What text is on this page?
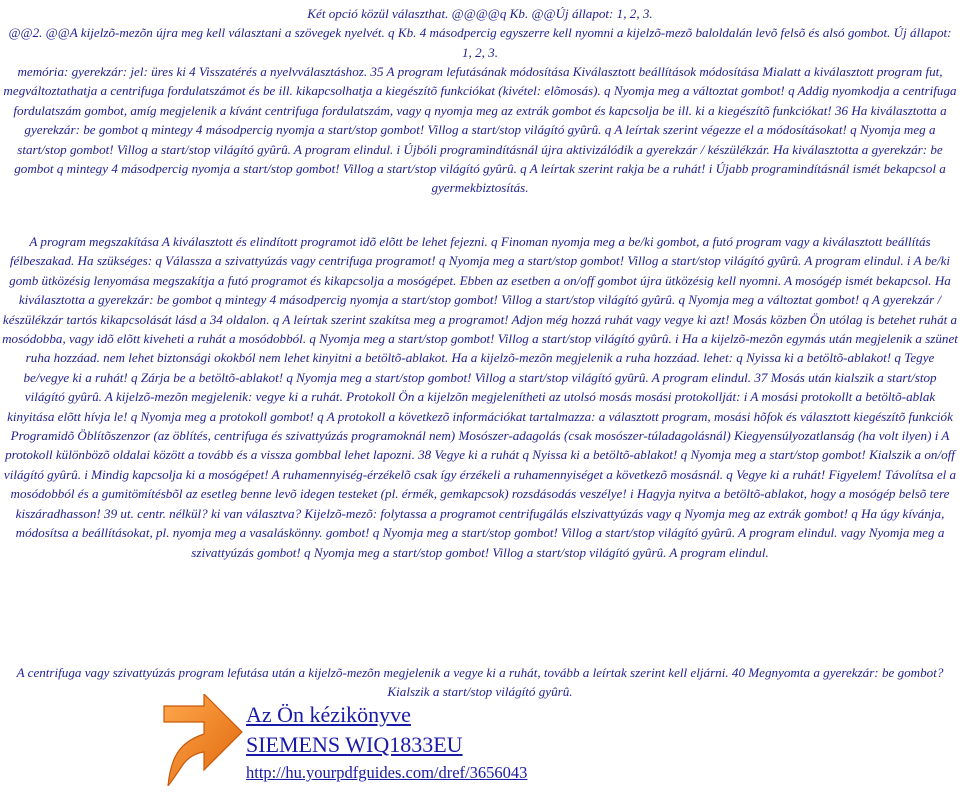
Két opció közül választhat. @@@@q Kb. @@Új állapot: 1, 2, 3.
@@2. @@A kijelzõ-mezõn újra meg kell választani a szövegek nyelvét. q Kb. 4 másodpercig egyszerre kell nyomni a kijelzõ-mezõ baloldalán levõ felsõ és alsó gombot. Új állapot: 1, 2, 3.
memória: gyerekzár: jel: üres ki 4 Visszatérés a nyelvválasztáshoz. 35 A program lefutásának módosítása Kiválasztott beállítások módosítása Mialatt a kiválasztott program fut, megváltoztathatja a centrifuga fordulatszámot és be ill. kikapcsolhatja a kiegészítõ funkciókat (kivétel: elõmosás). q Nyomja meg a változtat gombot! q Addig nyomkodja a centrifuga fordulatszám gombot, amíg megjelenik a kívánt centrifuga fordulatszám, vagy q nyomja meg az extrák gombot és kapcsolja be ill. ki a kiegészítõ funkciókat! 36 Ha kiválasztotta a gyerekzár: be gombot q mintegy 4 másodpercig nyomja a start/stop gombot! Villog a start/stop világító gyûrû. q A leírtak szerint végezze el a módosításokat! q Nyomja meg a start/stop gombot! Villog a start/stop világító gyûrû. A program elindul. i Újbóli programindításnál újra aktivizálódik a gyerekzár / készülékzár. Ha kiválasztotta a gyerekzár: be gombot q mintegy 4 másodpercig nyomja a start/stop gombot! Villog a start/stop világító gyûrû. q A leírtak szerint rakja be a ruhát! i Újabb programindításnál ismét bekapcsol a gyermekbiztosítás.
A program megszakítása A kiválasztott és elindított programot idõ elõtt be lehet fejezni. q Finoman nyomja meg a be/ki gombot, a futó program vagy a kiválasztott beállítás félbeszakad. Ha szükséges: q Válassza a szivattyúzás vagy centrifuga programot! q Nyomja meg a start/stop gombot! Villog a start/stop világító gyûrû. A program elindul. i A be/ki gomb ütközésig lenyomása megszakítja a futó programot és kikapcsolja a mosógépet. Ebben az esetben a on/off gombot újra ütközésig kell nyomni. A mosógép ismét bekapcsol. Ha kiválasztotta a gyerekzár: be gombot q mintegy 4 másodpercig nyomja a start/stop gombot! Villog a start/stop világító gyûrû. q Nyomja meg a változtat gombot! q A gyerekzár / készülékzár tartós kikapcsolását lásd a 34 oldalon. q A leírtak szerint szakítsa meg a programot! Adjon még hozzá ruhát vagy vegye ki azt! Mosás közben Ön utólag is betehet ruhát a mosódobba, vagy idõ elõtt kiveheti a ruhát a mosódobból. q Nyomja meg a start/stop gombot! Villog a start/stop világító gyûrû. i Ha a kijelzõ-mezõn egymás után megjelenik a szünet ruha hozzáad. nem lehet biztonsági okokból nem lehet kinyitni a betöltõ-ablakot. Ha a kijelzõ-mezõn megjelenik a ruha hozzáad. lehet: q Nyissa ki a betöltõ-ablakot! q Tegye be/vegye ki a ruhát! q Zárja be a betöltõ-ablakot! q Nyomja meg a start/stop gombot! Villog a start/stop világító gyûrû. A program elindul. 37 Mosás után kialszik a start/stop világító gyûrû. A kijelzõ-mezõn megjelenik: vegye ki a ruhát. Protokoll Ön a kijelzõn megjelenítheti az utolsó mosás mosási protokollját: i A mosási protokollt a betöltõ-ablak kinyitása elõtt hívja le! q Nyomja meg a protokoll gombot! q A protokoll a következõ információkat tartalmazza: a választott program, mosási hõfok és választott kiegészítõ funkciók Programidõ Öblítõszenzor (az öblítés, centrifuga és szivattyúzás programoknál nem) Mosószer-adagolás (csak mosószer-túladagolásnál) Kiegyensúlyozatlanság (ha volt ilyen) i A protokoll különbözõ oldalai között a tovább és a vissza gombbal lehet lapozni. 38 Vegye ki a ruhát q Nyissa ki a betöltõ-ablakot! q Nyomja meg a start/stop gombot! Kialszik a on/off világító gyûrû. i Mindig kapcsolja ki a mosógépet! A ruhamennyiség-érzékelõ csak így érzékeli a ruhamennyiséget a következõ mosásnál. q Vegye ki a ruhát! Figyelem! Távolítsa el a mosódobból és a gumitömítésbõl az esetleg benne levõ idegen testeket (pl. érmék, gemkapcsok) rozsdásodás veszélye! i Hagyja nyitva a betöltõ-ablakot, hogy a mosógép belsõ tere kiszáradhasson! 39 ut. centr. nélkül? ki van választva? Kijelzõ-mezõ: folytassa a programot centrifugálás elszivattyúzás vagy q Nyomja meg az extrák gombot! q Ha úgy kívánja, módosítsa a beállításokat, pl. nyomja meg a vasaláskönny. gombot! q Nyomja meg a start/stop gombot! Villog a start/stop világító gyûrû. A program elindul. vagy Nyomja meg a szivattyúzás gombot! q Nyomja meg a start/stop gombot! Villog a start/stop világító gyûrû. A program elindul.
A centrifuga vagy szivattyúzás program lefutása után a kijelzõ-mezõn megjelenik a vegye ki a ruhát, tovább a leírtak szerint kell eljárni. 40 Megnyomta a gyerekzár: be gombot? Kialszik a start/stop világító gyûrû.
Az Ön kézikönyve
SIEMENS WIQ1833EU
http://hu.yourpdfguides.com/dref/3656043
